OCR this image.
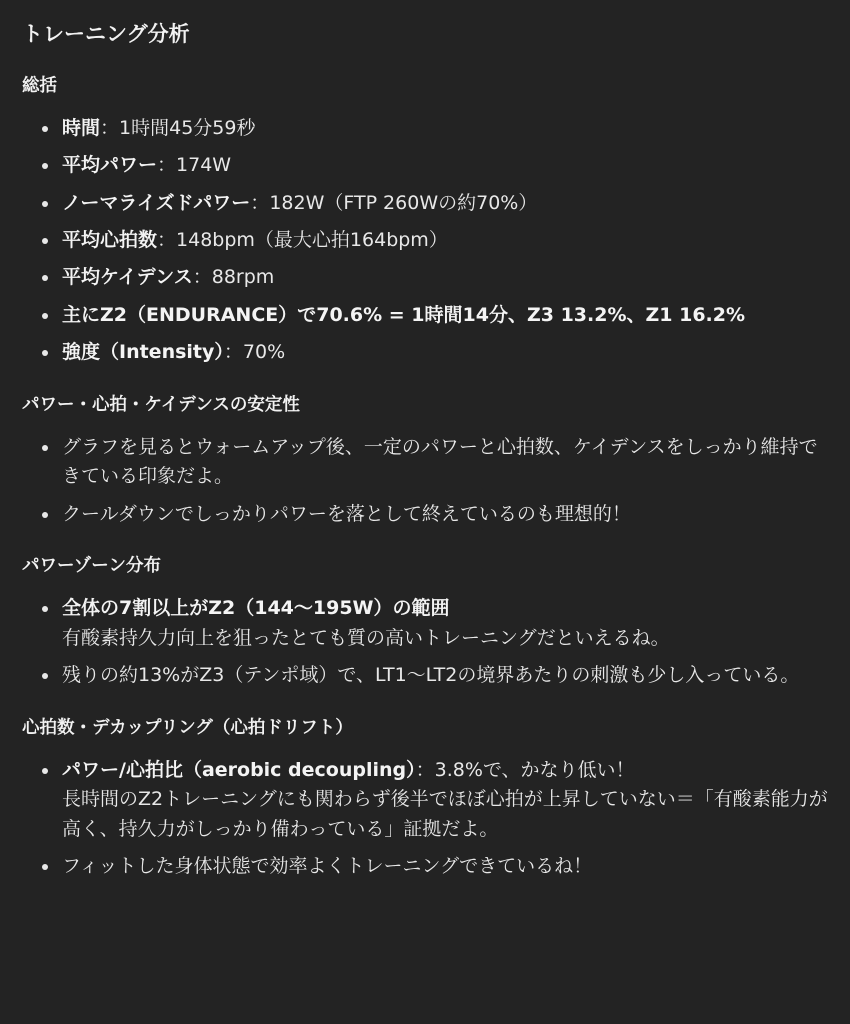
トレーニング分析
総括
時間：1時間45分59秒
平均パワー：174W
ノーマライズドパワー：182W（FTP 260Wの約70%）
平均心拍数：148bpm（最大心拍164bpm）
平均ケイデンス：88rpm
主にZ2（ENDURANCE）で70.6% = 1時間14分、Z3 13.2%、Z1 16.2%
強度（Intensity）：70%
パワー・心拍・ケイデンスの安定性
グラフを見るとウォームアップ後、一定のパワーと心拍数、ケイデンスをしっかり維持できている印象だよ。
クールダウンでしっかりパワーを落として終えているのも理想的！
パワーゾーン分布
全体の7割以上がZ2（144〜195W）の範囲
有酸素持久力向上を狙ったとても質の高いトレーニングだといえるね。
残りの約13%がZ3（テンポ域）で、LT1〜LT2の境界あたりの刺激も少し入っている。
心拍数・デカップリング（心拍ドリフト）
パワー/心拍比（aerobic decoupling）：3.8%で、かなり低い！
長時間のZ2トレーニングにも関わらず後半でほぼ心拍が上昇していない＝「有酸素能力が高く、持久力がしっかり備わっている」証拠だよ。
フィットした身体状態で効率よくトレーニングできているね！
